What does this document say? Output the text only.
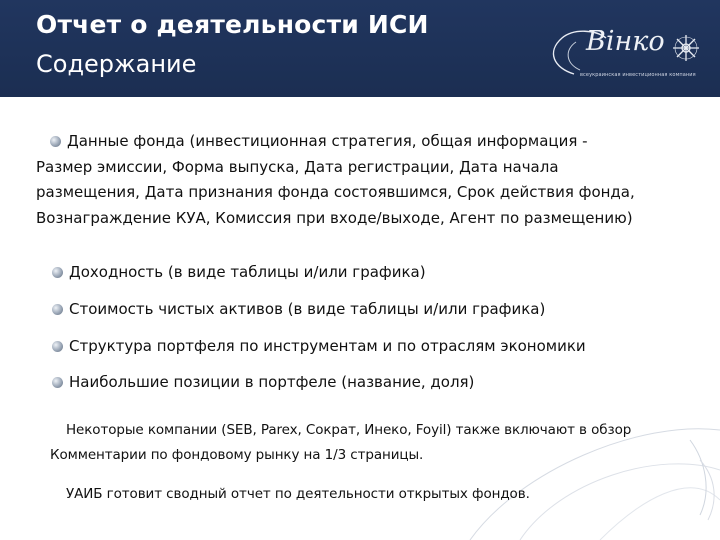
Отчет о деятельности ИСИ
Содержание
Вінко
всеукраинская инвестиционная компания
Данные фонда (инвестиционная стратегия, общая информация - Размер эмиссии, Форма выпуска, Дата регистрации, Дата начала размещения, Дата признания фонда состоявшимся, Срок действия фонда, Вознаграждение КУА, Комиссия при входе/выходе, Агент по размещению)
Доходность (в виде таблицы и/или графика)
Стоимость чистых активов (в виде таблицы и/или графика)
Структура портфеля по инструментам и по отраслям экономики
Наибольшие позиции в портфеле (название, доля)
Некоторые компании (SEB, Parex, Сократ, Инеко, Foyil) также включают в обзор Комментарии по фондовому рынку на 1/3 страницы.
УАИБ готовит сводный отчет по деятельности открытых фондов.
